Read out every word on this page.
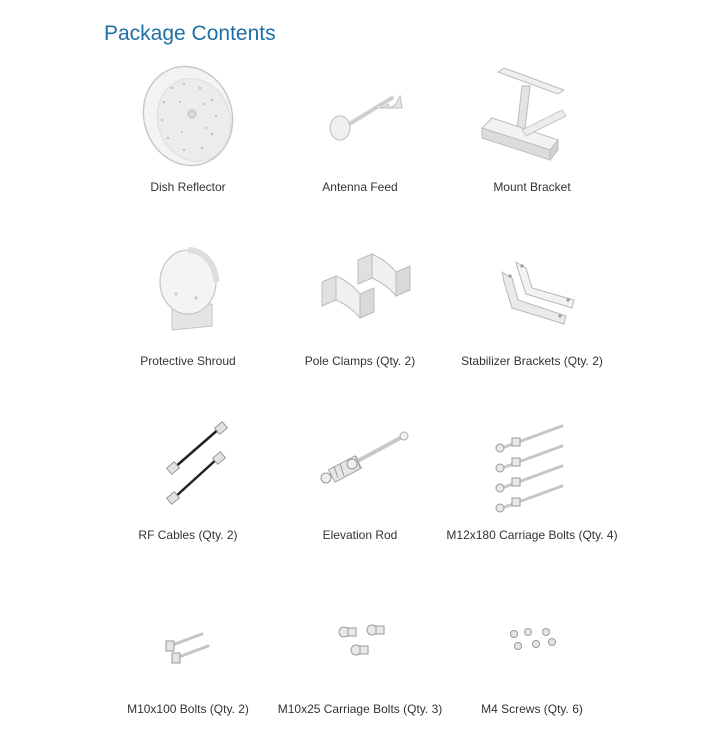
Package Contents
Dish Reflector	Antenna Feed	Mount Bracket
Protective Shroud	Pole Clamps (Qty. 2)	Stabilizer Brackets (Qty. 2)
RF Cables (Qty. 2)	Elevation Rod	M12x180 Carriage Bolts (Qty. 4)
M10x100 Bolts (Qty. 2)	M10x25 Carriage Bolts (Qty. 3)	M4 Screws (Qty. 6)
